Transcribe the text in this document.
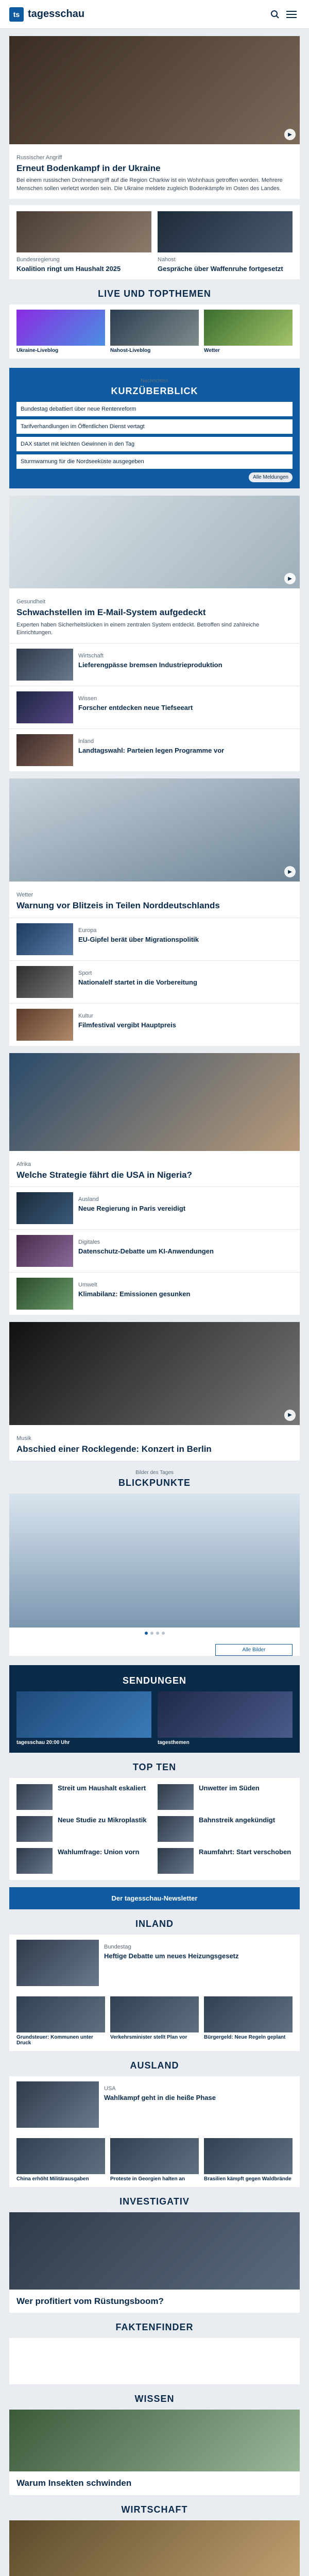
ts tagesschau
▶
Russischer Angriff
Erneut Bodenkampf in der Ukraine
Bei einem russischen Drohnenangriff auf die Region Charkiw ist ein Wohnhaus getroffen worden. Mehrere Menschen sollen verletzt worden sein. Die Ukraine meldete zugleich Bodenkämpfe im Osten des Landes.
Bundesregierung
Koalition ringt um Haushalt 2025
Nahost
Gespräche über Waffenruhe fortgesetzt
LIVE UND TOPTHEMEN
Ukraine-Liveblog	Nahost-Liveblog	Wetter
Nachrichten
KURZÜBERBLICK
Bundestag debattiert über neue Rentenreform
Tarifverhandlungen im Öffentlichen Dienst vertagt
DAX startet mit leichten Gewinnen in den Tag
Sturmwarnung für die Nordseeküste ausgegeben
Alle Meldungen
▶
Gesundheit
Schwachstellen im E-Mail-System aufgedeckt
Experten haben Sicherheitslücken in einem zentralen System entdeckt. Betroffen sind zahlreiche Einrichtungen.
Wirtschaft
Lieferengpässe bremsen Industrieproduktion
Wissen
Forscher entdecken neue Tiefseeart
Inland
Landtagswahl: Parteien legen Programme vor
▶
Wetter
Warnung vor Blitzeis in Teilen Norddeutschlands
Europa
EU-Gipfel berät über Migrationspolitik
Sport
Nationalelf startet in die Vorbereitung
Kultur
Filmfestival vergibt Hauptpreis
Afrika
Welche Strategie fährt die USA in Nigeria?
Ausland
Neue Regierung in Paris vereidigt
Digitales
Datenschutz-Debatte um KI-Anwendungen
Umwelt
Klimabilanz: Emissionen gesunken
▶
Musik
Abschied einer Rocklegende: Konzert in Berlin
Bilder des Tages
BLICKPUNKTE
Alle Bilder
SENDUNGEN
tagesschau 20:00 Uhr	tagesthemen
TOP TEN
Streit um Haushalt eskaliert	Unwetter im Süden
Neue Studie zu Mikroplastik	Bahnstreik angekündigt
Wahlumfrage: Union vorn	Raumfahrt: Start verschoben
Der tagesschau-Newsletter
INLAND
Bundestag
Heftige Debatte um neues Heizungsgesetz
Grundsteuer: Kommunen unter Druck
Verkehrsminister stellt Plan vor	Bürgergeld: Neue Regeln geplant
AUSLAND
USA
Wahlkampf geht in die heiße Phase
China erhöht Militärausgaben	Proteste in Georgien halten an	Brasilien kämpft gegen Waldbrände
INVESTIGATIV
Wer profitiert vom Rüstungsboom?
FAKTENFINDER
WISSEN
Warum Insekten schwinden
WIRTSCHAFT
